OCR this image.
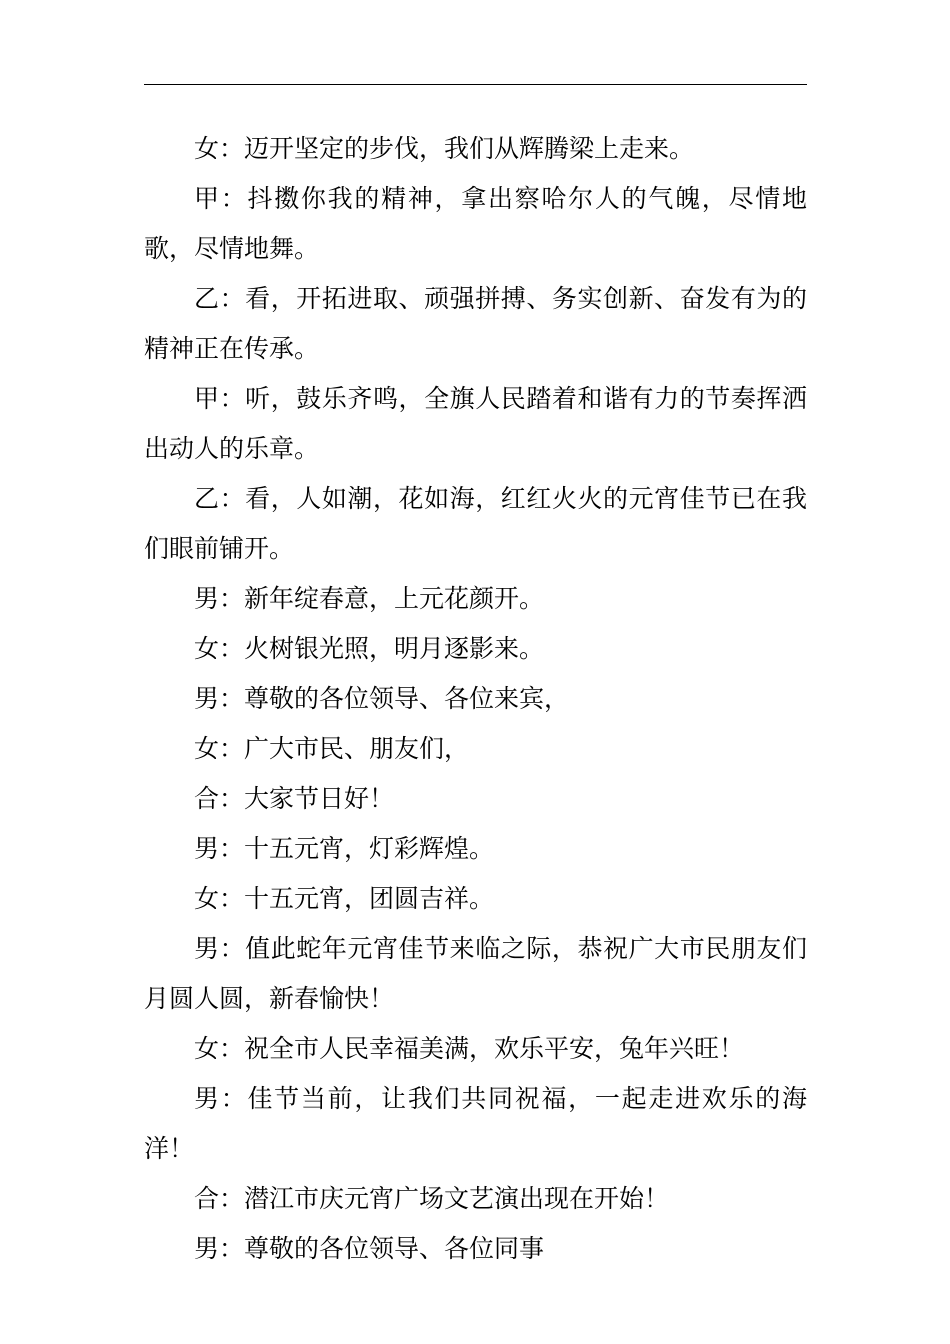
女：迈开坚定的步伐，我们从辉腾梁上走来。

甲：抖擞你我的精神，拿出察哈尔人的气魄，尽情地歌，尽情地舞。

乙：看，开拓进取、顽强拼搏、务实创新、奋发有为的精神正在传承。

甲：听，鼓乐齐鸣，全旗人民踏着和谐有力的节奏挥洒出动人的乐章。

乙：看，人如潮，花如海，红红火火的元宵佳节已在我们眼前铺开。

男：新年绽春意，上元花颜开。

女：火树银光照，明月逐影来。

男：尊敬的各位领导、各位来宾，

女：广大市民、朋友们，

合：大家节日好！

男：十五元宵，灯彩辉煌。

女：十五元宵，团圆吉祥。

男：值此蛇年元宵佳节来临之际，恭祝广大市民朋友们月圆人圆，新春愉快！

女：祝全市人民幸福美满，欢乐平安，兔年兴旺！

男：佳节当前，让我们共同祝福，一起走进欢乐的海洋！

合：潜江市庆元宵广场文艺演出现在开始！

男：尊敬的各位领导、各位同事
